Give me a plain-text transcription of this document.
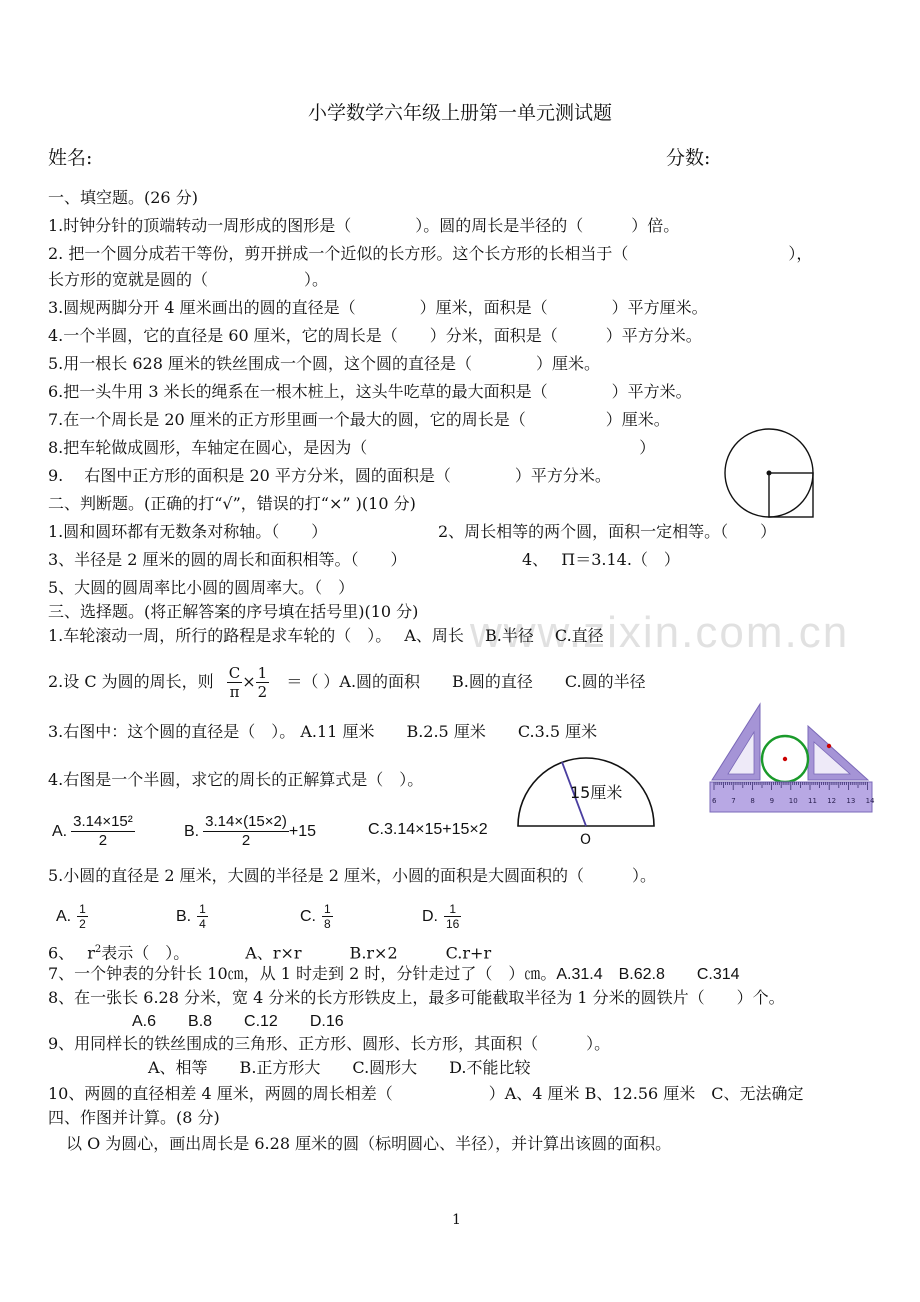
小学数学六年级上册第一单元测试题
姓名:	分数:
一、填空题。(26 分)
1.时钟分针的顶端转动一周形成的图形是（　　　　）。圆的周长是半径的（　　　）倍。
2. 把一个圆分成若干等份，剪开拼成一个近似的长方形。这个长方形的长相当于（　　　　　　　　　　），
长方形的宽就是圆的（　　　　　　）。
3.圆规两脚分开 4 厘米画出的圆的直径是（　　　　）厘米，面积是（　　　　）平方厘米。
4.一个半圆，它的直径是 60 厘米，它的周长是（　　）分米，面积是（　　　）平方分米。
5.用一根长 628 厘米的铁丝围成一个圆，这个圆的直径是（　　　　）厘米。
6.把一头牛用 3 米长的绳系在一根木桩上，这头牛吃草的最大面积是（　　　　）平方米。
7.在一个周长是 20 厘米的正方形里画一个最大的圆，它的周长是（　　　　　）厘米。
8.把车轮做成圆形，车轴定在圆心，是因为（　　　　　　　　　　　　　　　　　）
9.　 右图中正方形的面积是 20 平方分米，圆的面积是（　　　　）平方分米。
二、判断题。(正确的打“√”，错误的打“×” )(10 分)
1.圆和圆环都有无数条对称轴。（　　）	2、周长相等的两个圆，面积一定相等。（　　）
3、半径是 2 厘米的圆的周长和面积相等。（　　）	4、　 Π＝3.14.（　）
5、大圆的圆周率比小圆的圆周率大。（　）
三、选择题。(将正解答案的序号填在括号里)(10 分) www.zixin.com.cn
1.车轮滚动一周，所行的路程是求车轮的（　）。　 A、周长　 B.半径　 C.直径
2.设 C 为圆的周长，则 $\frac{C}{\pi} \times \frac{1}{2}$ ＝（ ）A.圆的面积　　B.圆的直径　　C.圆的半径
3.右图中：这个圆的直径是（　）。 A.11 厘米　　B.2.5 厘米　　C.3.5 厘米
6 7 8 9 10 11 12 13 14
4.右图是一个半圆，求它的周长的正解算式是（　）。
15厘米
O
A. $\frac{\text{3.14×15²}}{2}$	B. $\frac{3.14\times(15\times 2)}{2} +15$	C.3.14×15+15×2
5.小圆的直径是 2 厘米，大圆的半径是 2 厘米，小圆的面积是大圆面积的（　　　）。
A. $\frac{1}{2}$	B. $\frac{1}{4}$	C. $\frac{1}{8}$	D. $\frac{1}{16}$
6、　 $r^2$表示（　）。　　　　A、r×r　　　B.r×2　　　C.r+r
7、一个钟表的分针长 10㎝，从 1 时走到 2 时，分针走过了（　）㎝。A.31.4　B.62.8　　C.314
8、在一张长 6.28 分米，宽 4 分米的长方形铁皮上，最多可能截取半径为 1 分米的圆铁片（　　）个。
A.6　　B.8　　C.12　　D.16
9、用同样长的铁丝围成的三角形、正方形、圆形、长方形，其面积（　　　）。
A、相等　　B.正方形大　　C.圆形大　　D.不能比较
10、两圆的直径相差 4 厘米，两圆的周长相差（　　　　　　）A、4 厘米 B、12.56 厘米　C、无法确定
四、作图并计算。(8 分)
以 O 为圆心，画出周长是 6.28 厘米的圆（标明圆心、半径），并计算出该圆的面积。
1
